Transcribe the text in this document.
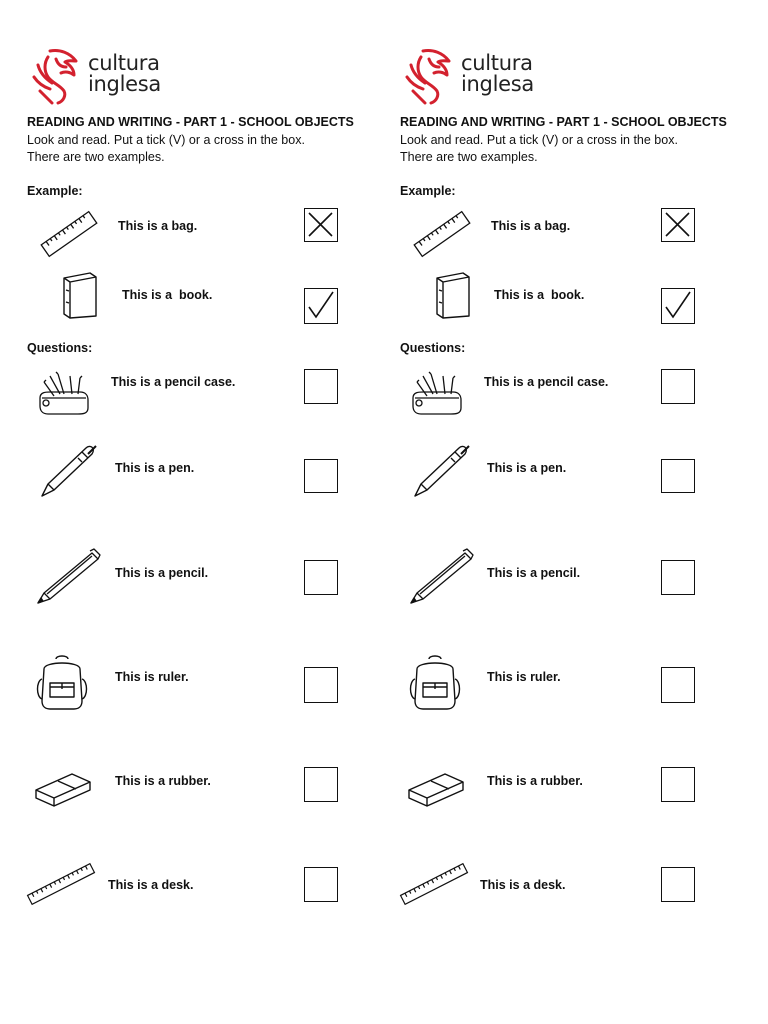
cultura
inglesa
READING AND WRITING - PART 1 - SCHOOL OBJECTS
Look and read. Put a tick (V) or a cross in the box.
There are two examples.
Example:
This is a bag.
This is a  book.
Questions:
This is a pencil case.
This is a pen.
This is a pencil.
This is ruler.
This is a rubber.
This is a desk.
cultura
inglesa
READING AND WRITING - PART 1 - SCHOOL OBJECTS
Look and read. Put a tick (V) or a cross in the box.
There are two examples.
Example:
This is a bag.
This is a  book.
Questions:
This is a pencil case.
This is a pen.
This is a pencil.
This is ruler.
This is a rubber.
This is a desk.
